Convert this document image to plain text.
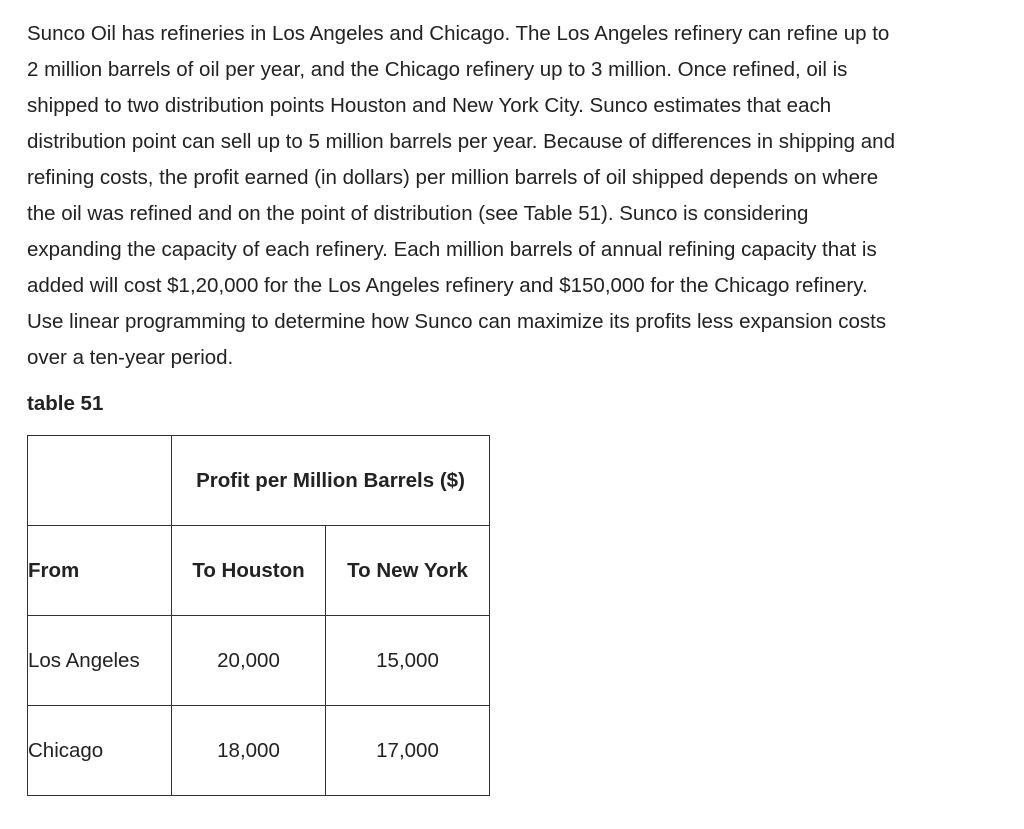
Sunco Oil has refineries in Los Angeles and Chicago. The Los Angeles refinery can refine up to
2 million barrels of oil per year, and the Chicago refinery up to 3 million. Once refined, oil is
shipped to two distribution points Houston and New York City. Sunco estimates that each
distribution point can sell up to 5 million barrels per year. Because of differences in shipping and
refining costs, the profit earned (in dollars) per million barrels of oil shipped depends on where
the oil was refined and on the point of distribution (see Table 51). Sunco is considering
expanding the capacity of each refinery. Each million barrels of annual refining capacity that is
added will cost $1,20,000 for the Los Angeles refinery and $150,000 for the Chicago refinery.
Use linear programming to determine how Sunco can maximize its profits less expansion costs
over a ten-year period.

table 51

	Profit per Million Barrels ($)	
From	To Houston	To New York
Los Angeles	20,000	15,000
Chicago	18,000	17,000
